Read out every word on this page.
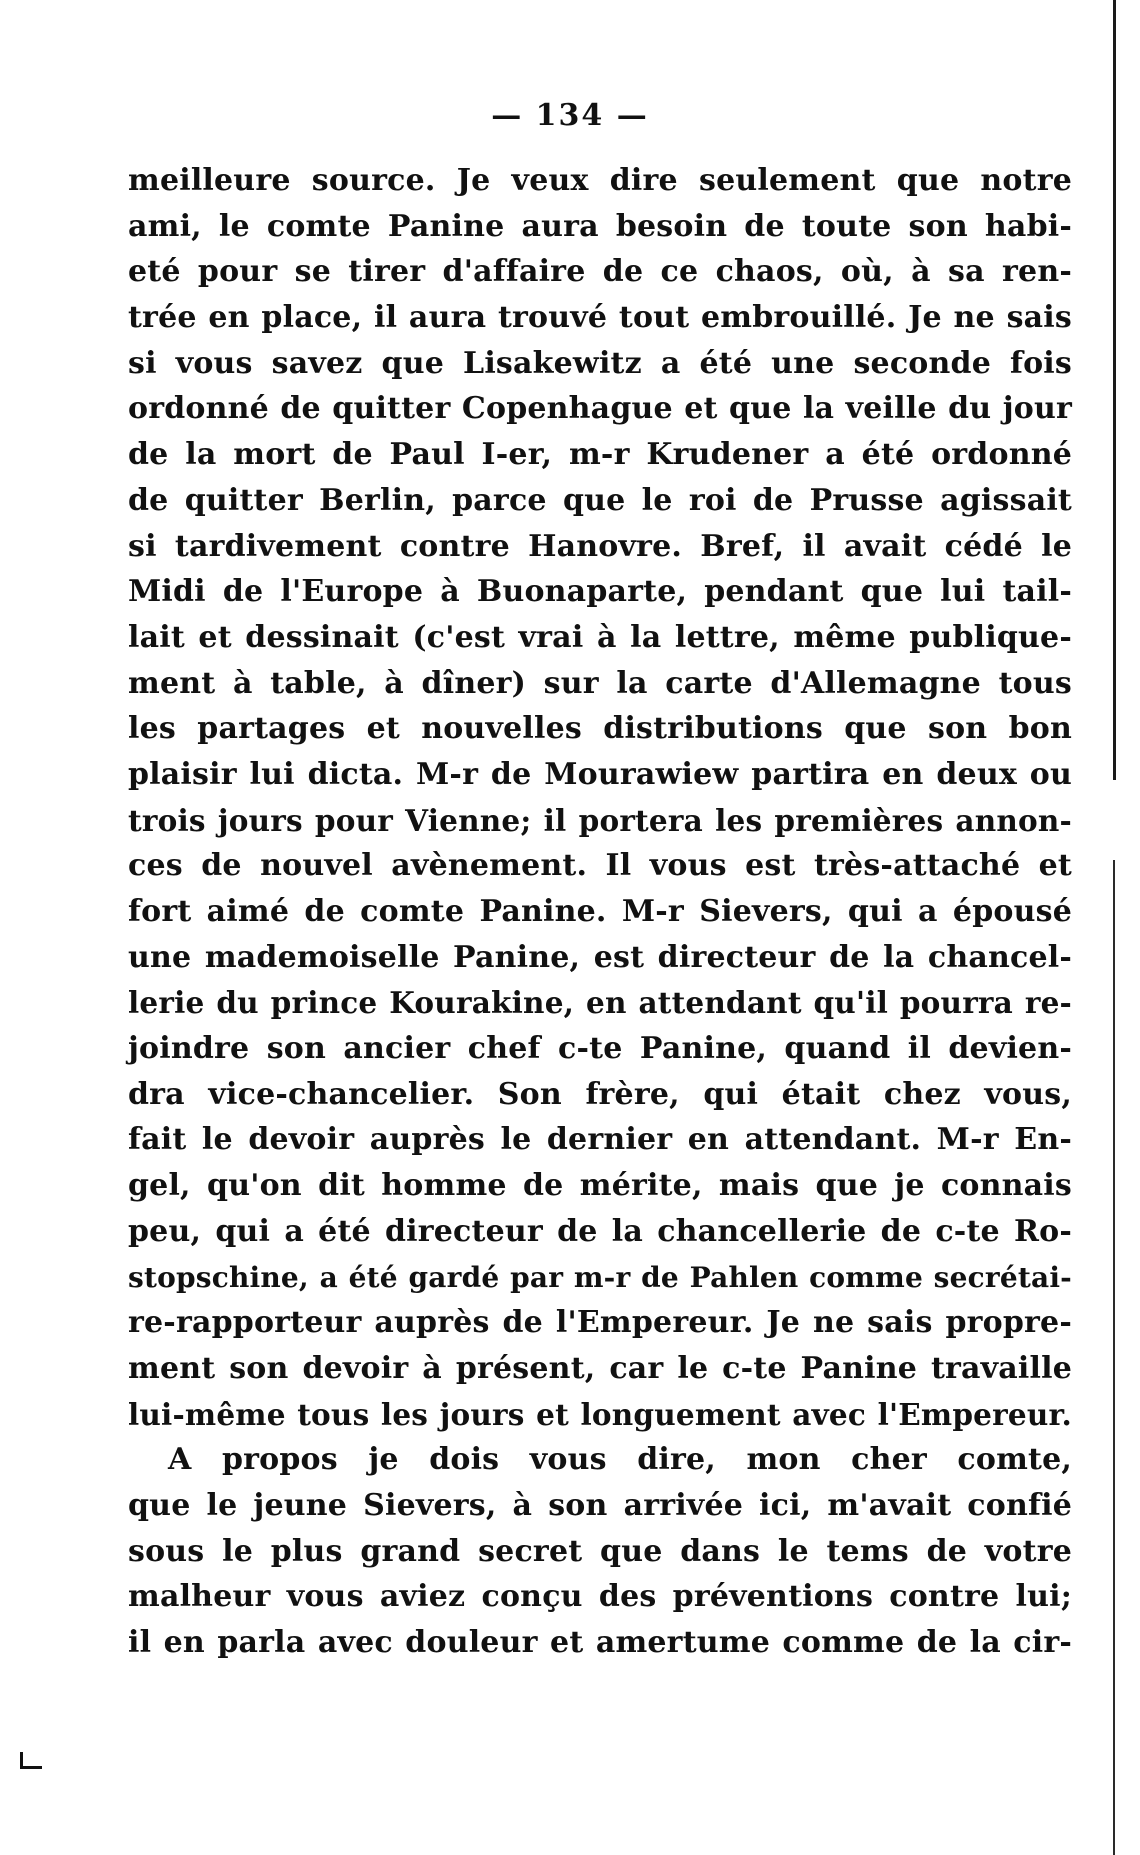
— 134 —
meilleure source. Je veux dire seulement que notre
ami, le comte Panine aura besoin de toute son habi-
eté pour se tirer d'affaire de ce chaos, où, à sa ren-
trée en place, il aura trouvé tout embrouillé. Je ne sais
si vous savez que Lisakewitz a été une seconde fois
ordonné de quitter Copenhague et que la veille du jour
de la mort de Paul I-er, m-r Krudener a été ordonné
de quitter Berlin, parce que le roi de Prusse agissait
si tardivement contre Hanovre. Bref, il avait cédé le
Midi de l'Europe à Buonaparte, pendant que lui tail-
lait et dessinait (c'est vrai à la lettre, même publique-
ment à table, à dîner) sur la carte d'Allemagne tous
les partages et nouvelles distributions que son bon
plaisir lui dicta. M-r de Mourawiew partira en deux ou
trois jours pour Vienne; il portera les premières annon-
ces de nouvel avènement. Il vous est très-attaché et
fort aimé de comte Panine. M-r Sievers, qui a épousé
une mademoiselle Panine, est directeur de la chancel-
lerie du prince Kourakine, en attendant qu'il pourra re-
joindre son ancier chef c-te Panine, quand il devien-
dra vice-chancelier. Son frère, qui était chez vous,
fait le devoir auprès le dernier en attendant. M-r En-
gel, qu'on dit homme de mérite, mais que je connais
peu, qui a été directeur de la chancellerie de c-te Ro-
stopschine, a été gardé par m-r de Pahlen comme secrétai-
re-rapporteur auprès de l'Empereur. Je ne sais propre-
ment son devoir à présent, car le c-te Panine travaille
lui-même tous les jours et longuement avec l'Empereur.
A propos je dois vous dire, mon cher comte,
que le jeune Sievers, à son arrivée ici, m'avait confié
sous le plus grand secret que dans le tems de votre
malheur vous aviez conçu des préventions contre lui;
il en parla avec douleur et amertume comme de la cir-
